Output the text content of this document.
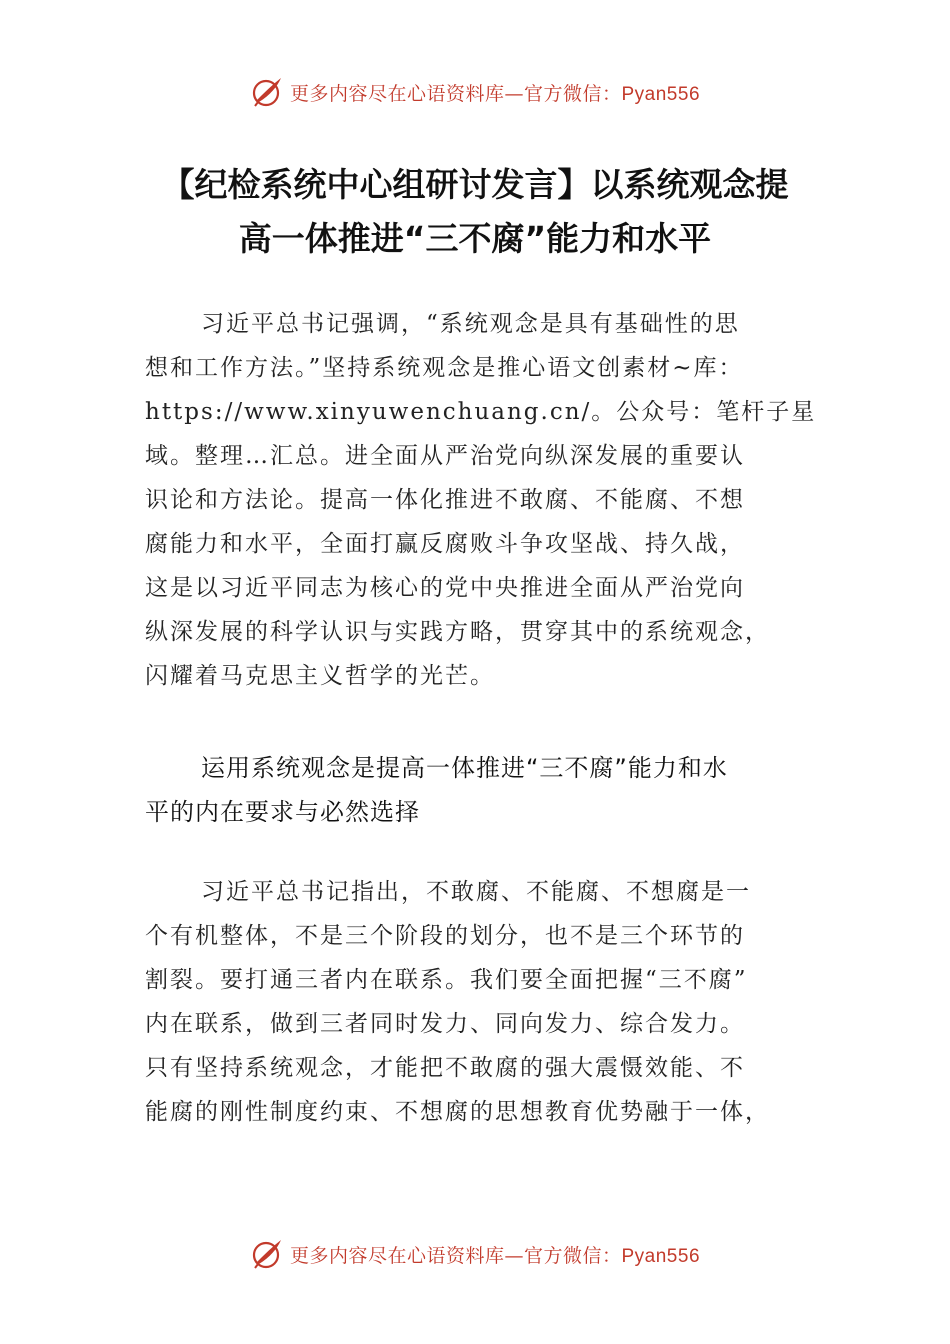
更多内容尽在心语资料库—官方微信：Pyan556
【纪检系统中心组研讨发言】以系统观念提
高一体推进“三不腐”能力和水平
习近平总书记强调，“系统观念是具有基础性的思
想和工作方法。”坚持系统观念是推心语文创素材~库：
https://www.xinyuwenchuang.cn/。公众号：笔杆子星
域。整理…汇总。进全面从严治党向纵深发展的重要认
识论和方法论。提高一体化推进不敢腐、不能腐、不想
腐能力和水平，全面打赢反腐败斗争攻坚战、持久战，
这是以习近平同志为核心的党中央推进全面从严治党向
纵深发展的科学认识与实践方略，贯穿其中的系统观念，
闪耀着马克思主义哲学的光芒。
运用系统观念是提高一体推进“三不腐”能力和水
平的内在要求与必然选择
习近平总书记指出，不敢腐、不能腐、不想腐是一
个有机整体，不是三个阶段的划分，也不是三个环节的
割裂。要打通三者内在联系。我们要全面把握“三不腐”
内在联系，做到三者同时发力、同向发力、综合发力。
只有坚持系统观念，才能把不敢腐的强大震慑效能、不
能腐的刚性制度约束、不想腐的思想教育优势融于一体，
更多内容尽在心语资料库—官方微信：Pyan556
